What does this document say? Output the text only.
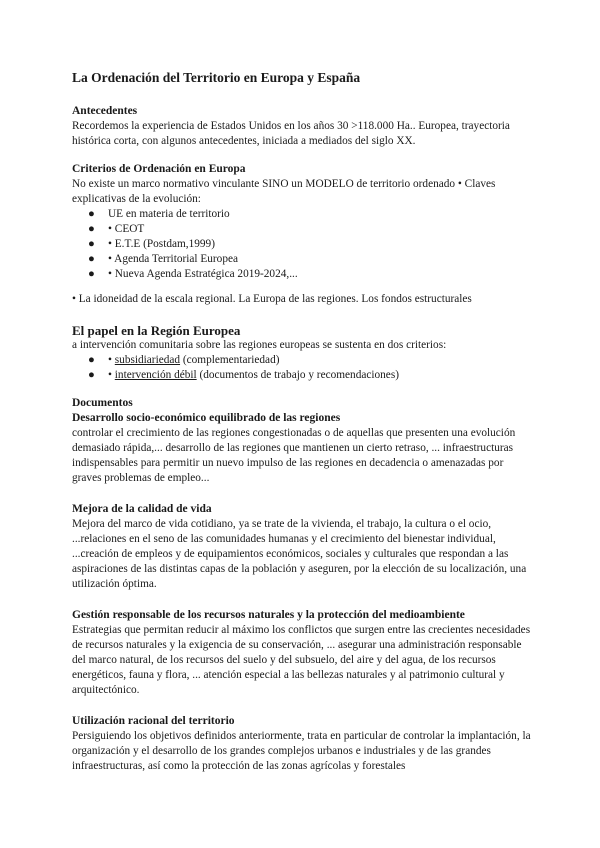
La Ordenación del Territorio en Europa y España

Antecedentes

Recordemos la experiencia de Estados Unidos en los años 30 >118.000 Ha.. Europea, trayectoria histórica corta, con algunos antecedentes, iniciada a mediados del siglo XX.

Criterios de Ordenación en Europa

No existe un marco normativo vinculante SINO un MODELO de territorio ordenado • Claves explicativas de la evolución:

● UE en materia de territorio
● • CEOT
● • E.T.E (Postdam,1999)
● • Agenda Territorial Europea
● • Nueva Agenda Estratégica 2019-2024,...

• La idoneidad de la escala regional. La Europa de las regiones. Los fondos estructurales

El papel en la Región Europea

a intervención comunitaria sobre las regiones europeas se sustenta en dos criterios:

● • subsidiariedad (complementariedad)
● • intervención débil (documentos de trabajo y recomendaciones)

Documentos

Desarrollo socio-económico equilibrado de las regiones

controlar el crecimiento de las regiones congestionadas o de aquellas que presenten una evolución demasiado rápida,... desarrollo de las regiones que mantienen un cierto retraso, ... infraestructuras indispensables para permitir un nuevo impulso de las regiones en decadencia o amenazadas por graves problemas de empleo...

Mejora de la calidad de vida

Mejora del marco de vida cotidiano, ya se trate de la vivienda, el trabajo, la cultura o el ocio,

...relaciones en el seno de las comunidades humanas y el crecimiento del bienestar individual,

...creación de empleos y de equipamientos económicos, sociales y culturales que respondan a las aspiraciones de las distintas capas de la población y aseguren, por la elección de su localización, una utilización óptima.

Gestión responsable de los recursos naturales y la protección del medioambiente

Estrategias que permitan reducir al máximo los conflictos que surgen entre las crecientes necesidades de recursos naturales y la exigencia de su conservación, ... asegurar una administración responsable del marco natural, de los recursos del suelo y del subsuelo, del aire y del agua, de los recursos energéticos, fauna y flora, ... atención especial a las bellezas naturales y al patrimonio cultural y arquitectónico.

Utilización racional del territorio

Persiguiendo los objetivos definidos anteriormente, trata en particular de controlar la implantación, la organización y el desarrollo de los grandes complejos urbanos e industriales y de las grandes infraestructuras, así como la protección de las zonas agrícolas y forestales
